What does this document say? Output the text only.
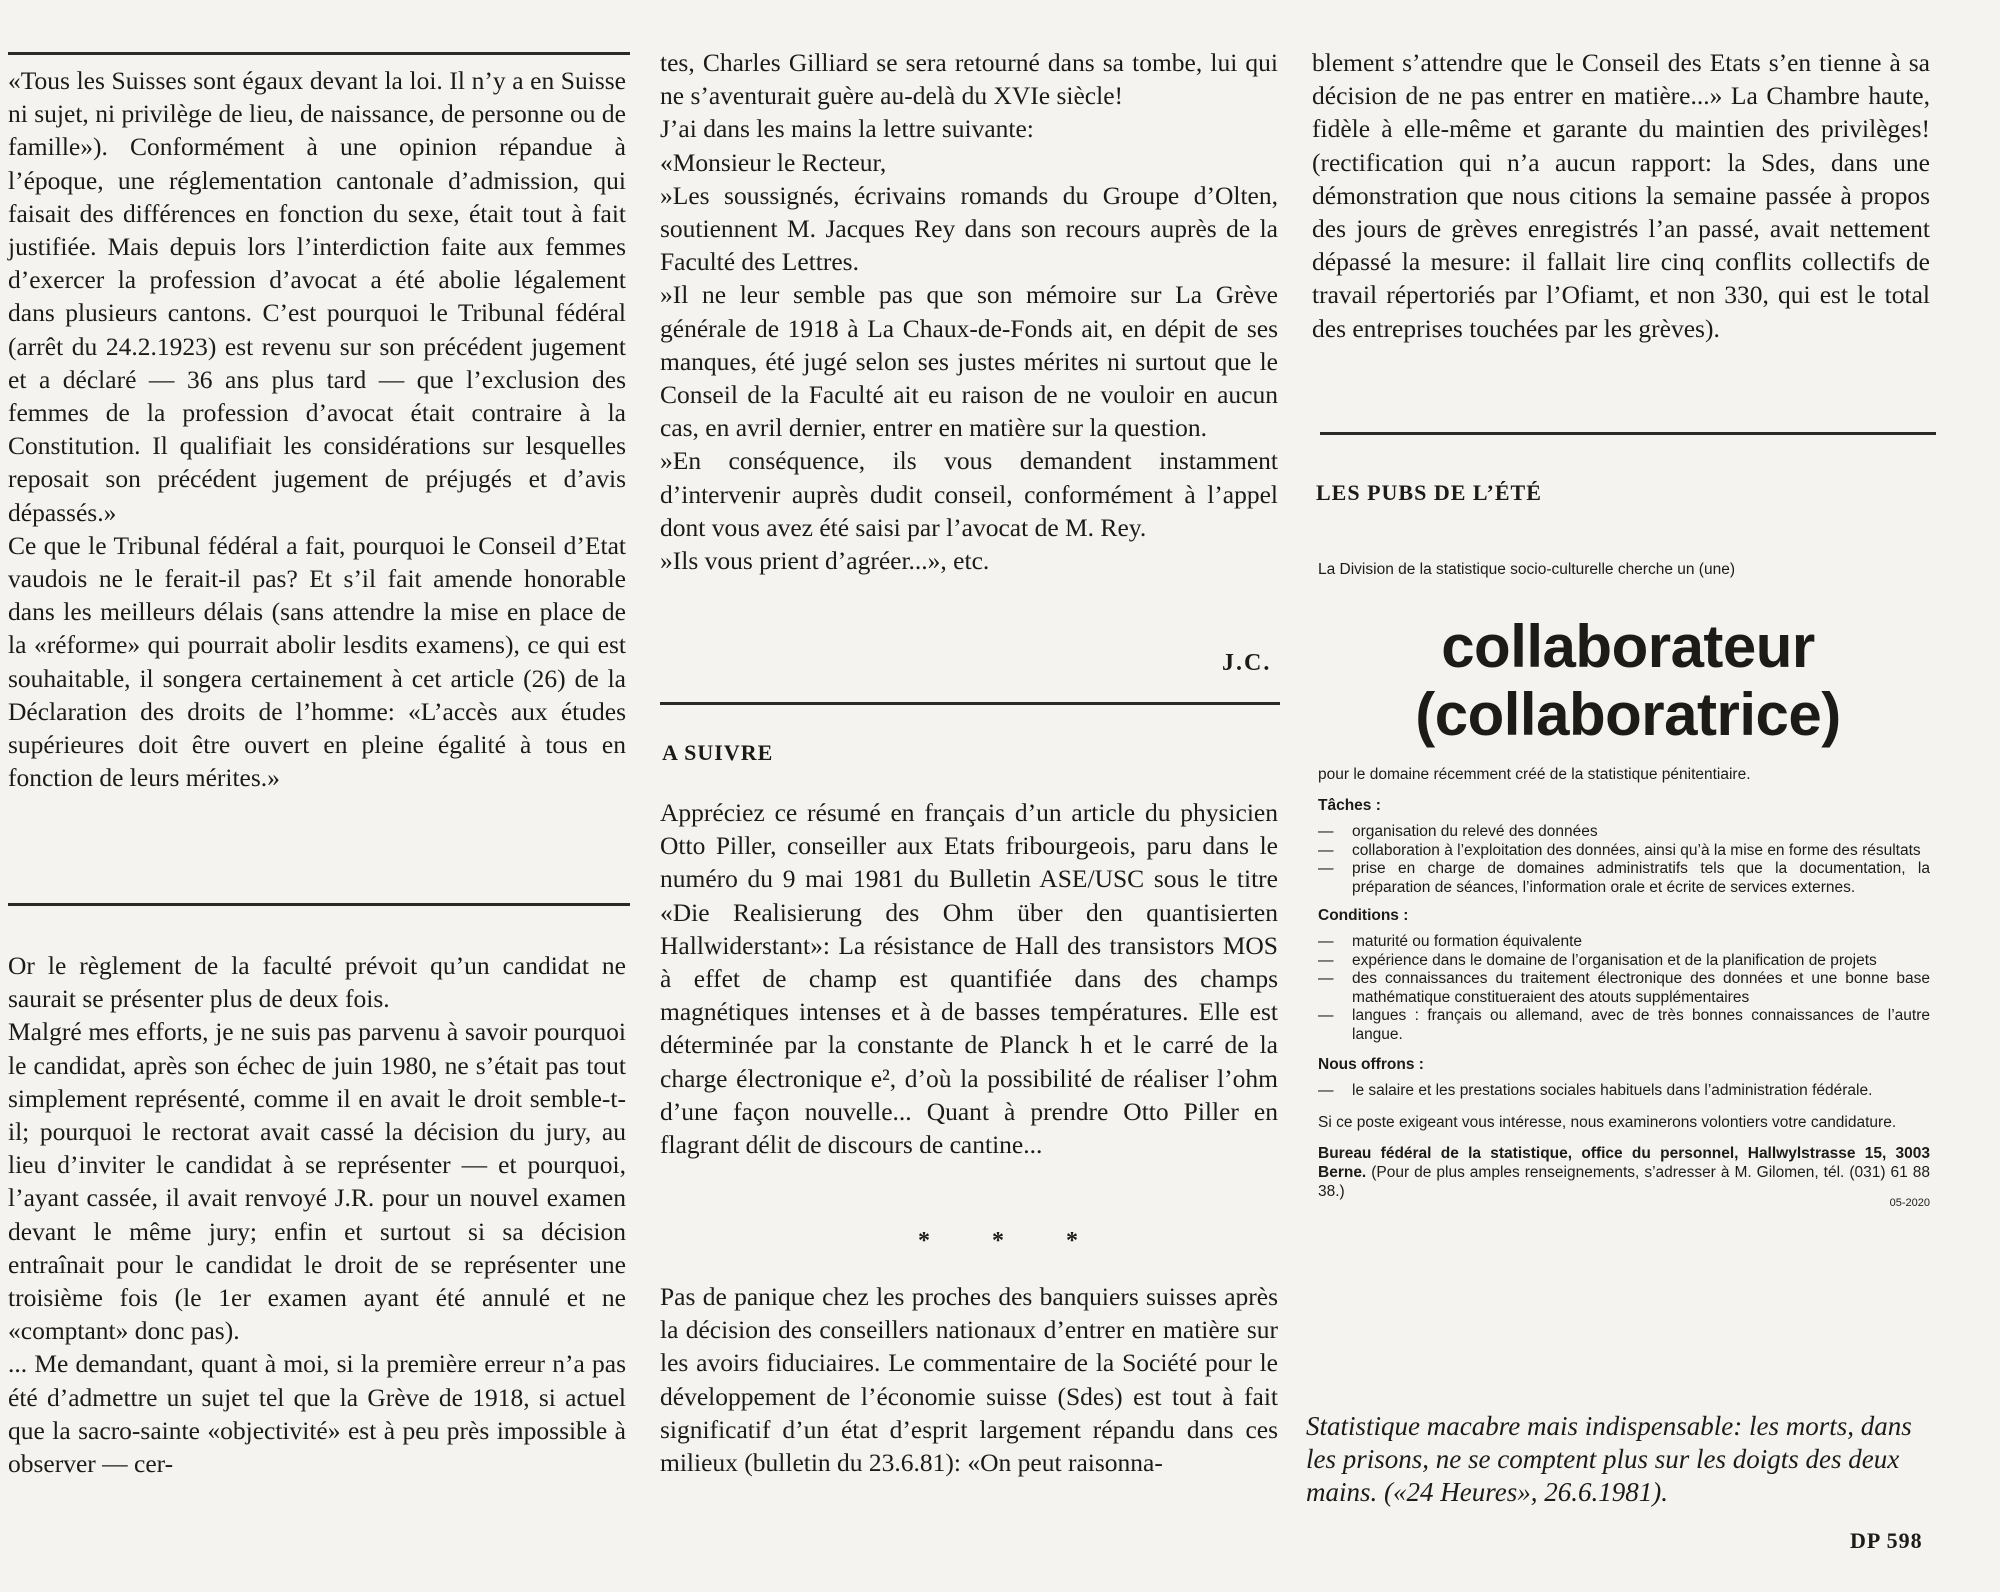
«Tous les Suisses sont égaux devant la loi. Il n’y a en Suisse ni sujet, ni privilège de lieu, de naissance, de personne ou de famille»). Conformément à une opinion répandue à l’époque, une réglementation cantonale d’admission, qui faisait des différences en fonction du sexe, était tout à fait justifiée. Mais depuis lors l’interdiction faite aux femmes d’exercer la profession d’avocat a été abolie légalement dans plusieurs cantons. C’est pourquoi le Tribunal fédéral (arrêt du 24.2.1923) est revenu sur son précédent jugement et a déclaré — 36 ans plus tard — que l’exclusion des femmes de la profession d’avocat était contraire à la Constitution. Il qualifiait les considérations sur lesquelles reposait son précédent jugement de préjugés et d’avis dépassés.»

Ce que le Tribunal fédéral a fait, pourquoi le Conseil d’Etat vaudois ne le ferait-il pas? Et s’il fait amende honorable dans les meilleurs délais (sans attendre la mise en place de la «réforme» qui pourrait abolir lesdits examens), ce qui est souhaitable, il songera certainement à cet article (26) de la Déclaration des droits de l’homme: «L’accès aux études supérieures doit être ouvert en pleine égalité à tous en fonction de leurs mérites.»

Or le règlement de la faculté prévoit qu’un candidat ne saurait se présenter plus de deux fois.

Malgré mes efforts, je ne suis pas parvenu à savoir pourquoi le candidat, après son échec de juin 1980, ne s’était pas tout simplement représenté, comme il en avait le droit semble-t-il; pourquoi le rectorat avait cassé la décision du jury, au lieu d’inviter le candidat à se représenter — et pourquoi, l’ayant cassée, il avait renvoyé J.R. pour un nouvel examen devant le même jury; enfin et surtout si sa décision entraînait pour le candidat le droit de se représenter une troisième fois (le 1er examen ayant été annulé et ne «comptant» donc pas).

... Me demandant, quant à moi, si la première erreur n’a pas été d’admettre un sujet tel que la Grève de 1918, si actuel que la sacro-sainte «objectivité» est à peu près impossible à observer — cer-

tes, Charles Gilliard se sera retourné dans sa tombe, lui qui ne s’aventurait guère au-delà du XVIe siècle!

J’ai dans les mains la lettre suivante:

«Monsieur le Recteur,

»Les soussignés, écrivains romands du Groupe d’Olten, soutiennent M. Jacques Rey dans son recours auprès de la Faculté des Lettres.

»Il ne leur semble pas que son mémoire sur La Grève générale de 1918 à La Chaux-de-Fonds ait, en dépit de ses manques, été jugé selon ses justes mérites ni surtout que le Conseil de la Faculté ait eu raison de ne vouloir en aucun cas, en avril dernier, entrer en matière sur la question.

»En conséquence, ils vous demandent instamment d’intervenir auprès dudit conseil, conformément à l’appel dont vous avez été saisi par l’avocat de M. Rey.

»Ils vous prient d’agréer...», etc.

J.C.
A SUIVRE

Appréciez ce résumé en français d’un article du physicien Otto Piller, conseiller aux Etats fribourgeois, paru dans le numéro du 9 mai 1981 du Bulletin ASE/USC sous le titre «Die Realisierung des Ohm über den quantisierten Hallwiderstant»: La résistance de Hall des transistors MOS à effet de champ est quantifiée dans des champs magnétiques intenses et à de basses températures. Elle est déterminée par la constante de Planck h et le carré de la charge électronique e², d’où la possibilité de réaliser l’ohm d’une façon nouvelle... Quant à prendre Otto Piller en flagrant délit de discours de cantine...

* * *

Pas de panique chez les proches des banquiers suisses après la décision des conseillers nationaux d’entrer en matière sur les avoirs fiduciaires. Le commentaire de la Société pour le développement de l’économie suisse (Sdes) est tout à fait significatif d’un état d’esprit largement répandu dans ces milieux (bulletin du 23.6.81): «On peut raisonna-

blement s’attendre que le Conseil des Etats s’en tienne à sa décision de ne pas entrer en matière...» La Chambre haute, fidèle à elle-même et garante du maintien des privilèges! (rectification qui n’a aucun rapport: la Sdes, dans une démonstration que nous citions la semaine passée à propos des jours de grèves enregistrés l’an passé, avait nettement dépassé la mesure: il fallait lire cinq conflits collectifs de travail répertoriés par l’Ofiamt, et non 330, qui est le total des entreprises touchées par les grèves).

LES PUBS DE L’ÉTÉ
La Division de la statistique socio-culturelle cherche un (une)
collaborateur
(collaboratrice)
pour le domaine récemment créé de la statistique pénitentiaire.
Tâches :
— organisation du relevé des données
— collaboration à l’exploitation des données, ainsi qu’à la mise en forme des résultats
— prise en charge de domaines administratifs tels que la documentation, la préparation de séances, l’information orale et écrite de services externes.
Conditions :
— maturité ou formation équivalente
— expérience dans le domaine de l’organisation et de la planification de projets
— des connaissances du traitement électronique des données et une bonne base mathématique constitueraient des atouts supplémentaires
— langues : français ou allemand, avec de très bonnes connaissances de l’autre langue.
Nous offrons :
— le salaire et les prestations sociales habituels dans l’administration fédérale.
Si ce poste exigeant vous intéresse, nous examinerons volontiers votre candidature.
Bureau fédéral de la statistique, office du personnel, Hallwylstrasse 15, 3003 Berne. (Pour de plus amples renseignements, s’adresser à M. Gilomen, tél. (031) 61 88 38.)
05-2020
Statistique macabre mais indispensable: les morts, dans les prisons, ne se comptent plus sur les doigts des deux mains. («24 Heures», 26.6.1981).
DP 598
